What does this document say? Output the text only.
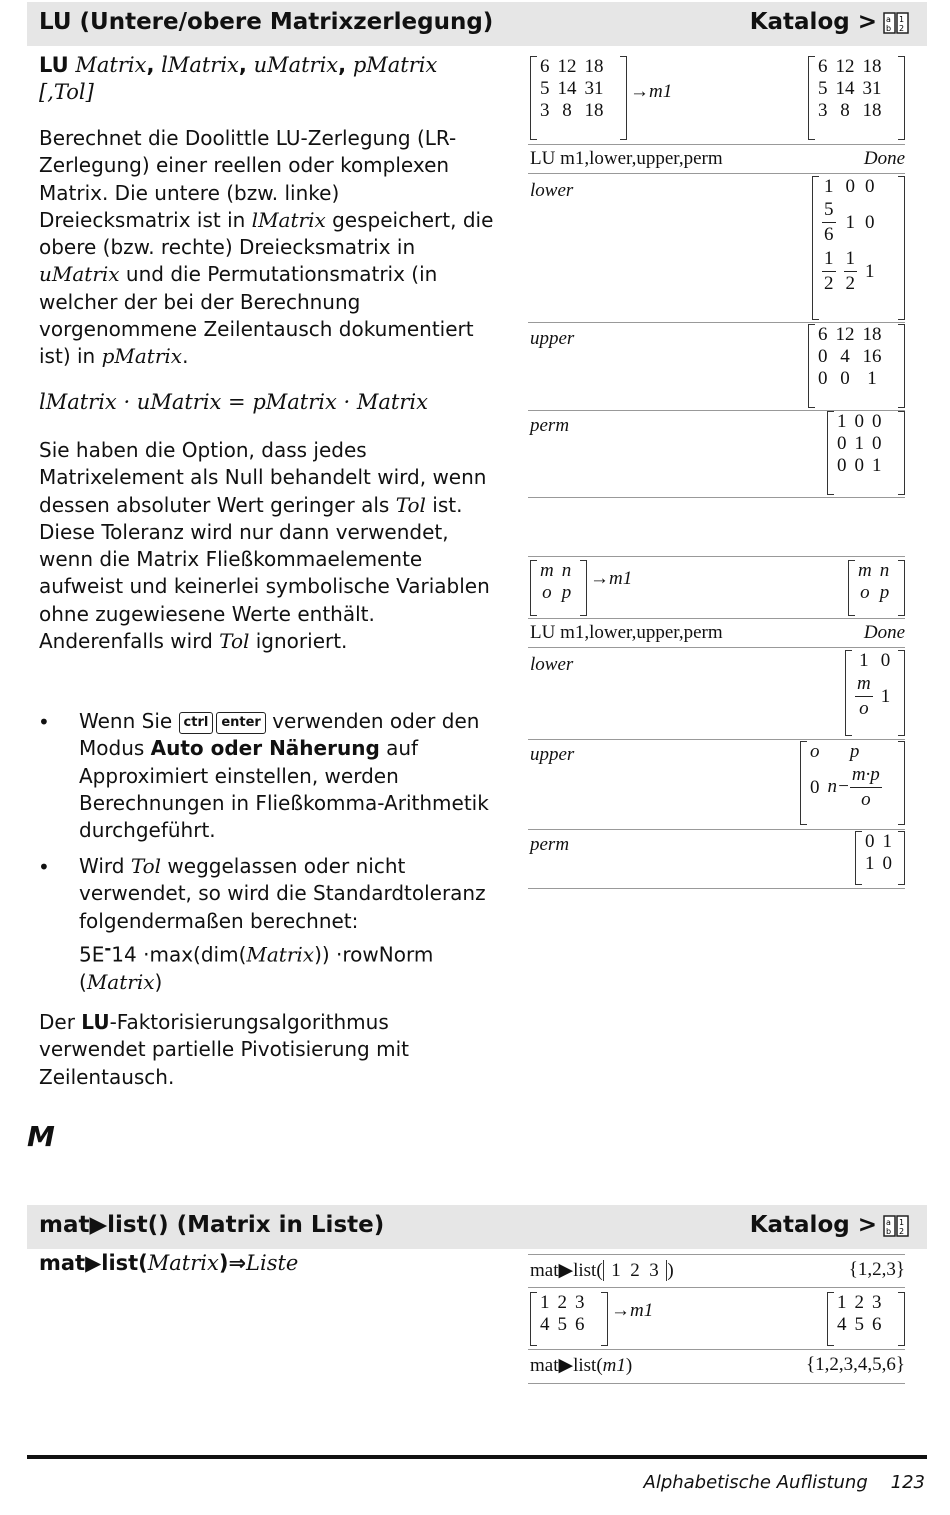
LU (Untere/obere Matrixzerlegung)	Katalog > a 1
b 2
LU Matrix, lMatrix, uMatrix, pMatrix
[,Tol]
Berechnet die Doolittle LU-Zerlegung (LR-Zerlegung) einer reellen oder komplexen Matrix. Die untere (bzw. linke) Dreiecksmatrix ist in lMatrix gespeichert, die obere (bzw. rechte) Dreiecksmatrix in uMatrix und die Permutationsmatrix (in welcher der bei der Berechnung vorgenommene Zeilentausch dokumentiert ist) in pMatrix.
lMatrix · uMatrix = pMatrix · Matrix
Sie haben die Option, dass jedes Matrixelement als Null behandelt wird, wenn dessen absoluter Wert geringer als Tol ist. Diese Toleranz wird nur dann verwendet, wenn die Matrix Fließkommaelemente aufweist und keinerlei symbolische Variablen ohne zugewiesene Werte enthält. Anderenfalls wird Tol ignoriert.
• Wenn Sie ctrl enter verwenden oder den Modus Auto oder Näherung auf Approximiert einstellen, werden Berechnungen in Fließkomma-Arithmetik durchgeführt.
• Wird Tol weggelassen oder nicht verwendet, so wird die Standardtoleranz folgendermaßen berechnet:
5E-14 ·max(dim(Matrix)) ·rowNorm
(Matrix)
Der LU-Faktorisierungsalgorithmus verwendet partielle Pivotisierung mit Zeilentausch.
6	12	18
5	14	31
3	8	18
→m1
6	12	18
5	14	31
3	8	18
LU m1,lower,upper,perm	Done
lower	1	0	0

$\frac{5}{6}$	1	0

$\frac{1}{2}$	$\frac{1}{2}$	1
upper	6	12	18
0	4	16
0	0	1
perm	1	0	0
0	1	0
0	0	1
m	n
o	p
→m1	m	n
o	p
LU m1,lower,upper,perm	Done
lower	1	0

$\frac{m}{o}$	1
upper	o	p
0	$n- \frac{m\cdot p}{o}$
perm	0	1
1	0
M
mat▶list() (Matrix in Liste)	Katalog > a 1
b 2
mat▶list(Matrix)⇒Liste	mat▶list(  1 2 3  )	{1,2,3}
1	2	3
4	5	6
→m1	1	2	3
4	5	6
mat▶list(m1)	{1,2,3,4,5,6}
Alphabetische Auflistung 123
